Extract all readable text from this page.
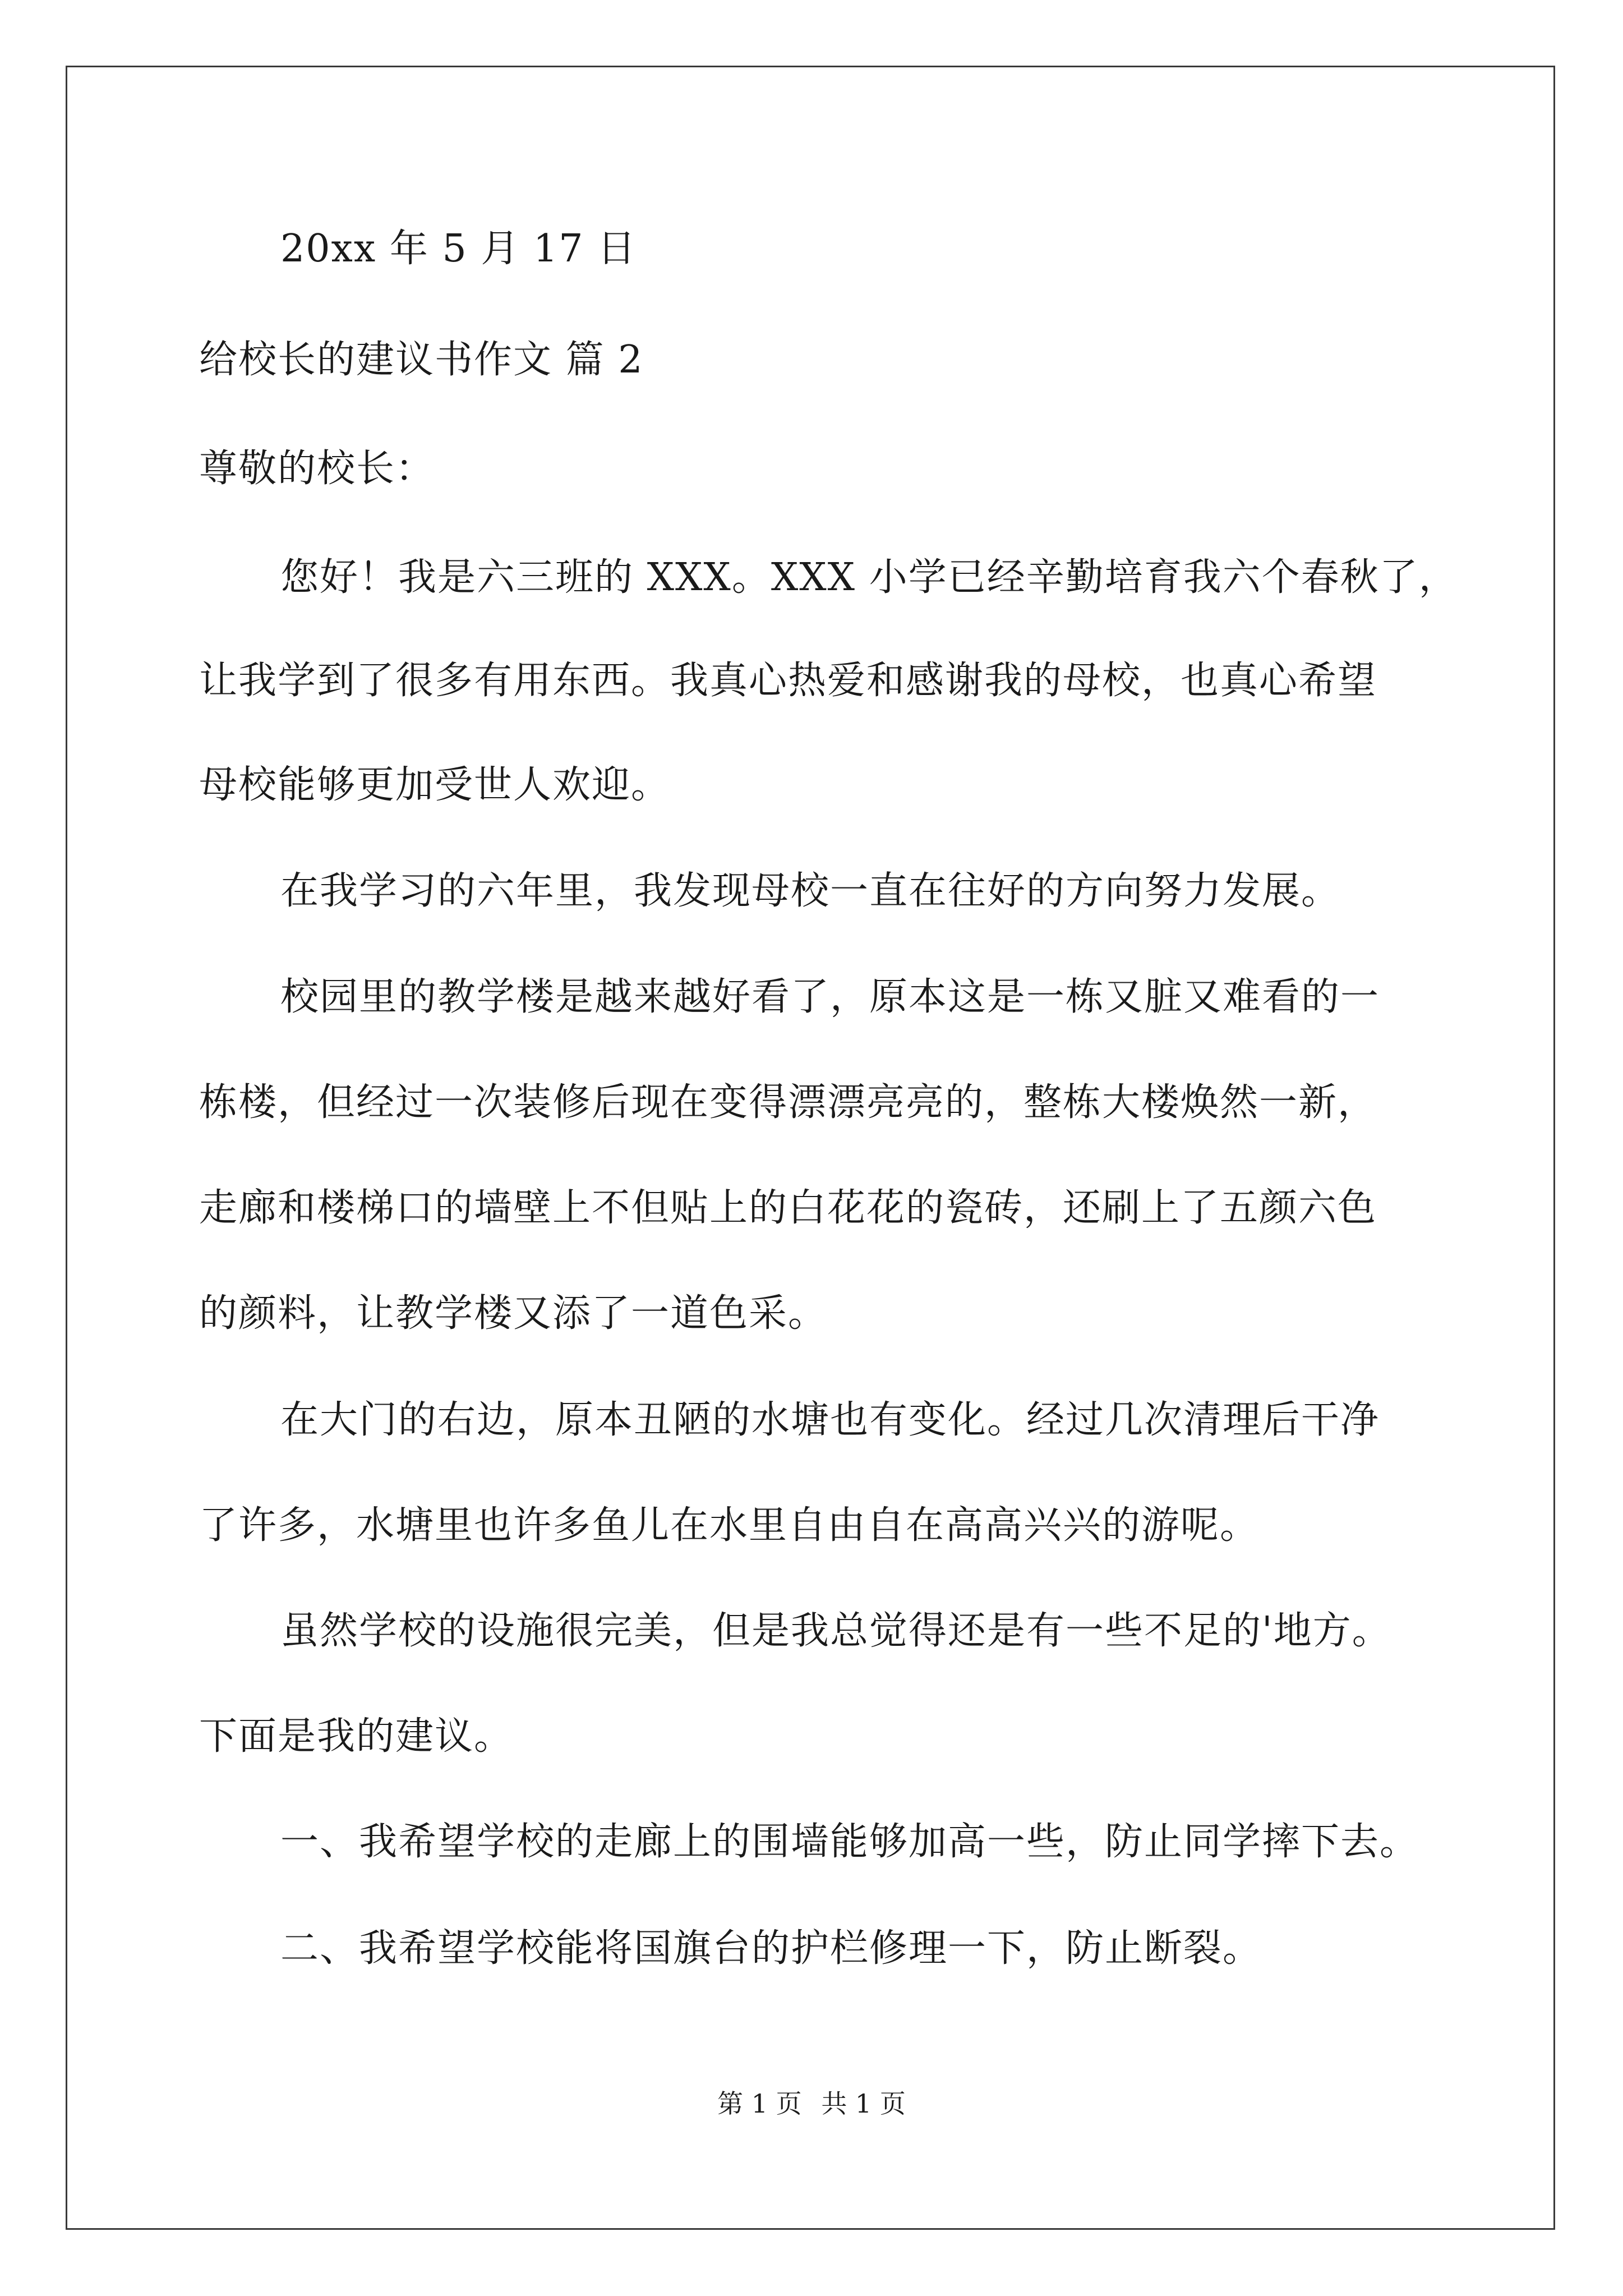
20xx 年 5 月 17 日
给校长的建议书作文 篇 2
尊敬的校长：
您好！我是六三班的 XXX。XXX 小学已经辛勤培育我六个春秋了，
让我学到了很多有用东西。我真心热爱和感谢我的母校，也真心希望
母校能够更加受世人欢迎。
在我学习的六年里，我发现母校一直在往好的方向努力发展。
校园里的教学楼是越来越好看了，原本这是一栋又脏又难看的一
栋楼，但经过一次装修后现在变得漂漂亮亮的，整栋大楼焕然一新，
走廊和楼梯口的墙壁上不但贴上的白花花的瓷砖，还刷上了五颜六色
的颜料，让教学楼又添了一道色采。
在大门的右边，原本丑陋的水塘也有变化。经过几次清理后干净
了许多，水塘里也许多鱼儿在水里自由自在高高兴兴的游呢。
虽然学校的设施很完美，但是我总觉得还是有一些不足的'地方。
下面是我的建议。
一、我希望学校的走廊上的围墙能够加高一些，防止同学摔下去。
二、我希望学校能将国旗台的护栏修理一下，防止断裂。
第 1 页 共 1 页
